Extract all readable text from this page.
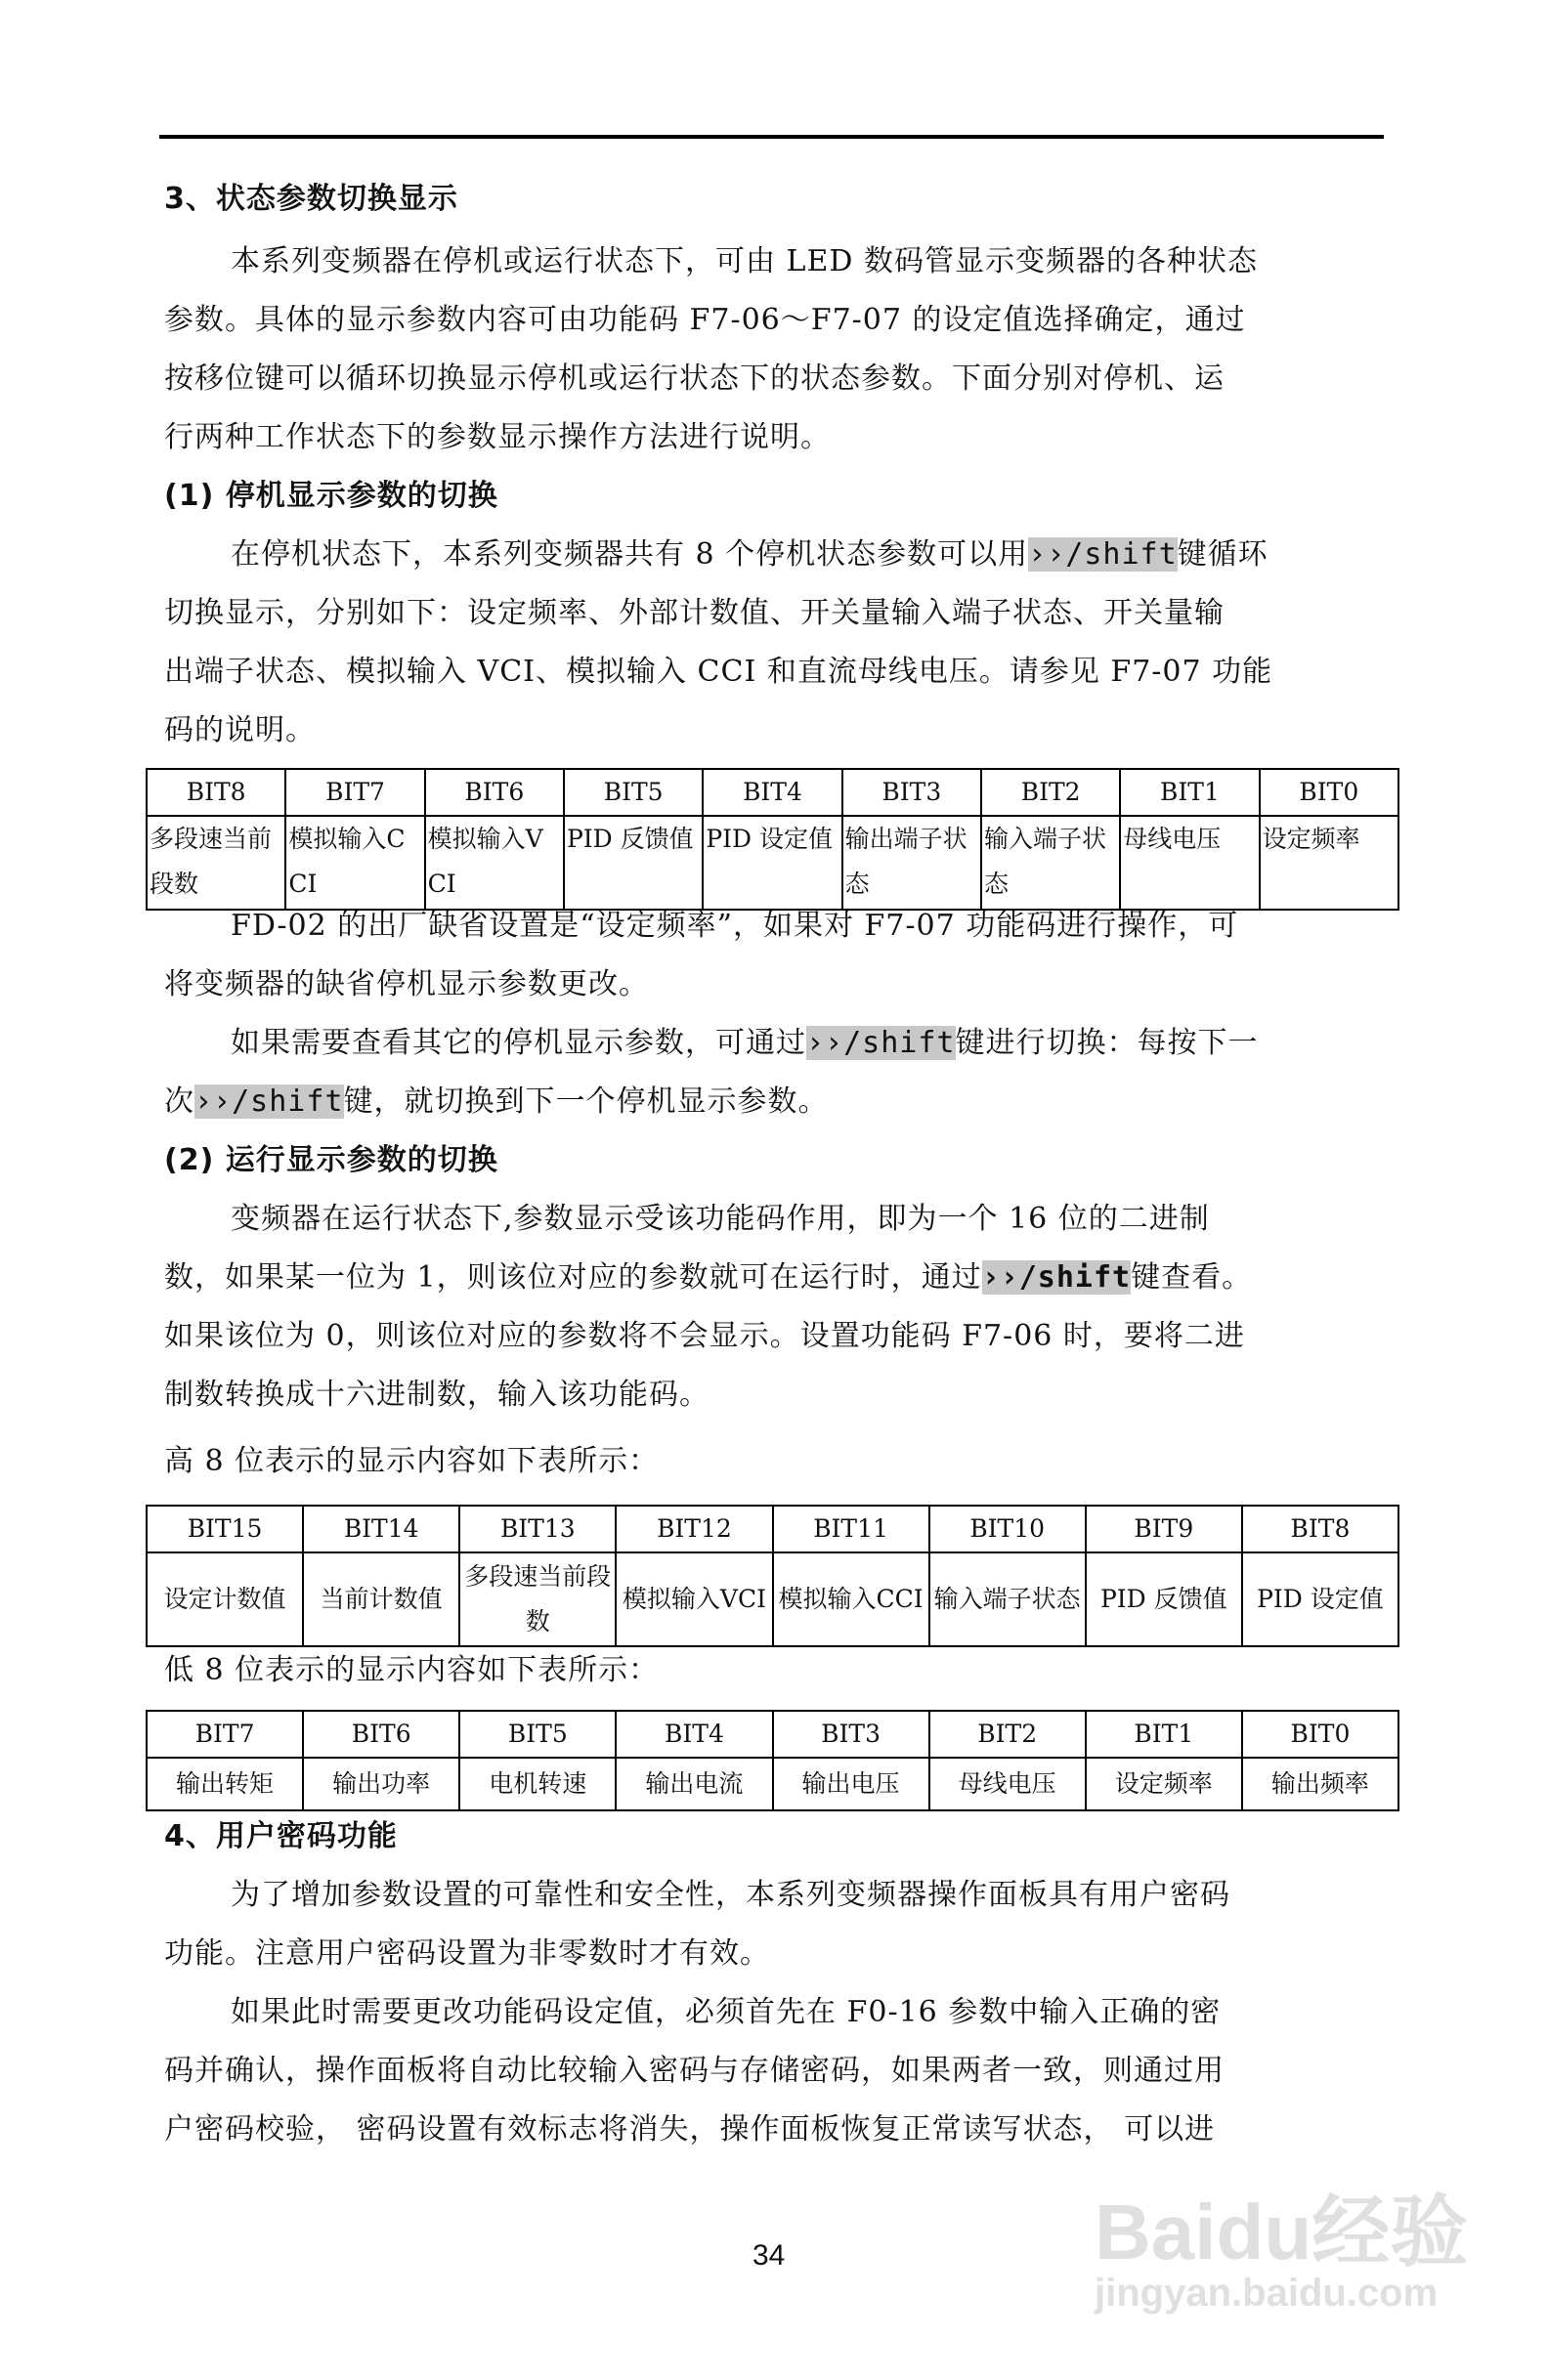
3、状态参数切换显示
本系列变频器在停机或运行状态下，可由 LED 数码管显示变频器的各种状态
参数。具体的显示参数内容可由功能码 F7-06～F7-07 的设定值选择确定，通过
按移位键可以循环切换显示停机或运行状态下的状态参数。下面分别对停机、运
行两种工作状态下的参数显示操作方法进行说明。
(1) 停机显示参数的切换
在停机状态下，本系列变频器共有 8 个停机状态参数可以用››/shift键循环
切换显示，分别如下：设定频率、外部计数值、开关量输入端子状态、开关量输
出端子状态、模拟输入 VCI、模拟输入 CCI 和直流母线电压。请参见 F7-07 功能
码的说明。
BIT8	BIT7	BIT6	BIT5	BIT4	BIT3	BIT2	BIT1	BIT0
多段速当前段数	模拟输入CCI	模拟输入VCI	PID 反馈值	PID 设定值	输出端子状态	输入端子状态	母线电压	设定频率
FD-02 的出厂缺省设置是“设定频率”，如果对 F7-07 功能码进行操作，可
将变频器的缺省停机显示参数更改。
如果需要查看其它的停机显示参数，可通过››/shift键进行切换：每按下一
次››/shift键，就切换到下一个停机显示参数。
(2) 运行显示参数的切换
变频器在运行状态下,参数显示受该功能码作用，即为一个 16 位的二进制
数，如果某一位为 1，则该位对应的参数就可在运行时，通过››/shift键查看。
如果该位为 0，则该位对应的参数将不会显示。设置功能码 F7-06 时，要将二进
制数转换成十六进制数，输入该功能码。
高 8 位表示的显示内容如下表所示：
BIT15	BIT14	BIT13	BIT12	BIT11	BIT10	BIT9	BIT8
设定计数值	当前计数值	多段速当前段数	模拟输入VCI	模拟输入CCI	输入端子状态	PID 反馈值	PID 设定值
低 8 位表示的显示内容如下表所示：
BIT7	BIT6	BIT5	BIT4	BIT3	BIT2	BIT1	BIT0
输出转矩	输出功率	电机转速	输出电流	输出电压	母线电压	设定频率	输出频率
4、用户密码功能
为了增加参数设置的可靠性和安全性，本系列变频器操作面板具有用户密码
功能。注意用户密码设置为非零数时才有效。
如果此时需要更改功能码设定值，必须首先在 F0-16 参数中输入正确的密
码并确认，操作面板将自动比较输入密码与存储密码，如果两者一致，则通过用
户密码校验， 密码设置有效标志将消失，操作面板恢复正常读写状态， 可以进
34	Baidu经验
jingyan.baidu.com
